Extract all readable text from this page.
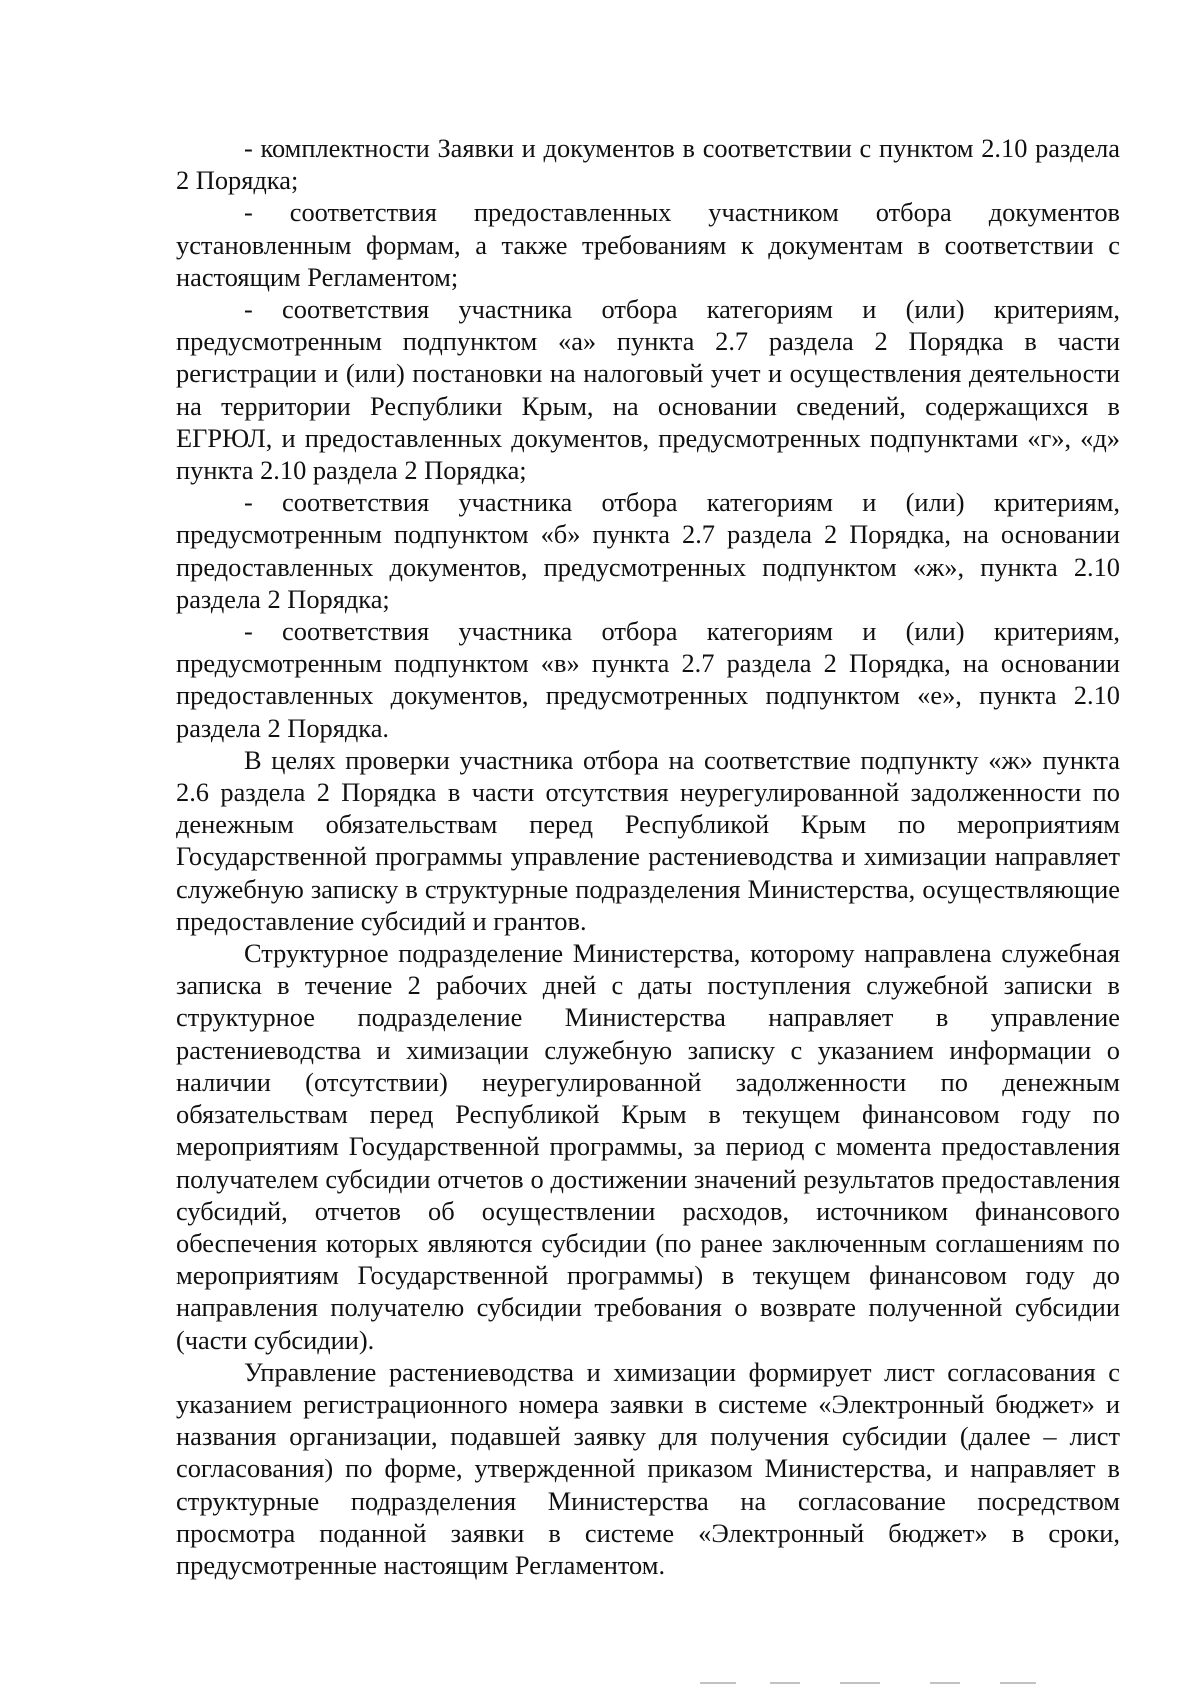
- комплектности Заявки и документов в соответствии с пунктом 2.10 раздела 2 Порядка;

- соответствия предоставленных участником отбора документов установленным формам, а также требованиям к документам в соответствии с настоящим Регламентом;

- соответствия участника отбора категориям и (или) критериям, предусмотренным подпунктом «а» пункта 2.7 раздела 2 Порядка в части регистрации и (или) постановки на налоговый учет и осуществления деятельности на территории Республики Крым, на основании сведений, содержащихся в ЕГРЮЛ, и предоставленных документов, предусмотренных подпунктами «г», «д» пункта 2.10 раздела 2 Порядка;

- соответствия участника отбора категориям и (или) критериям, предусмотренным подпунктом «б» пункта 2.7 раздела 2 Порядка, на основании предоставленных документов, предусмотренных подпунктом «ж», пункта 2.10 раздела 2 Порядка;

- соответствия участника отбора категориям и (или) критериям, предусмотренным подпунктом «в» пункта 2.7 раздела 2 Порядка, на основании предоставленных документов, предусмотренных подпунктом «е», пункта 2.10 раздела 2 Порядка.

В целях проверки участника отбора на соответствие подпункту «ж» пункта 2.6 раздела 2 Порядка в части отсутствия неурегулированной задолженности по денежным обязательствам перед Республикой Крым по мероприятиям Государственной программы управление растениеводства и химизации направляет служебную записку в структурные подразделения Министерства, осуществляющие предоставление субсидий и грантов.

Структурное подразделение Министерства, которому направлена служебная записка в течение 2 рабочих дней с даты поступления служебной записки в структурное подразделение Министерства направляет в управление растениеводства и химизации служебную записку с указанием информации о наличии (отсутствии) неурегулированной задолженности по денежным обязательствам перед Республикой Крым в текущем финансовом году по мероприятиям Государственной программы, за период с момента предоставления получателем субсидии отчетов о достижении значений результатов предоставления субсидий, отчетов об осуществлении расходов, источником финансового обеспечения которых являются субсидии (по ранее заключенным соглашениям по мероприятиям Государственной программы) в текущем финансовом году до направления получателю субсидии требования о возврате полученной субсидии (части субсидии).

Управление растениеводства и химизации формирует лист согласования с указанием регистрационного номера заявки в системе «Электронный бюджет» и названия организации, подавшей заявку для получения субсидии (далее – лист согласования) по форме, утвержденной приказом Министерства, и направляет в структурные подразделения Министерства на согласование посредством просмотра поданной заявки в системе «Электронный бюджет» в сроки, предусмотренные настоящим Регламентом.
